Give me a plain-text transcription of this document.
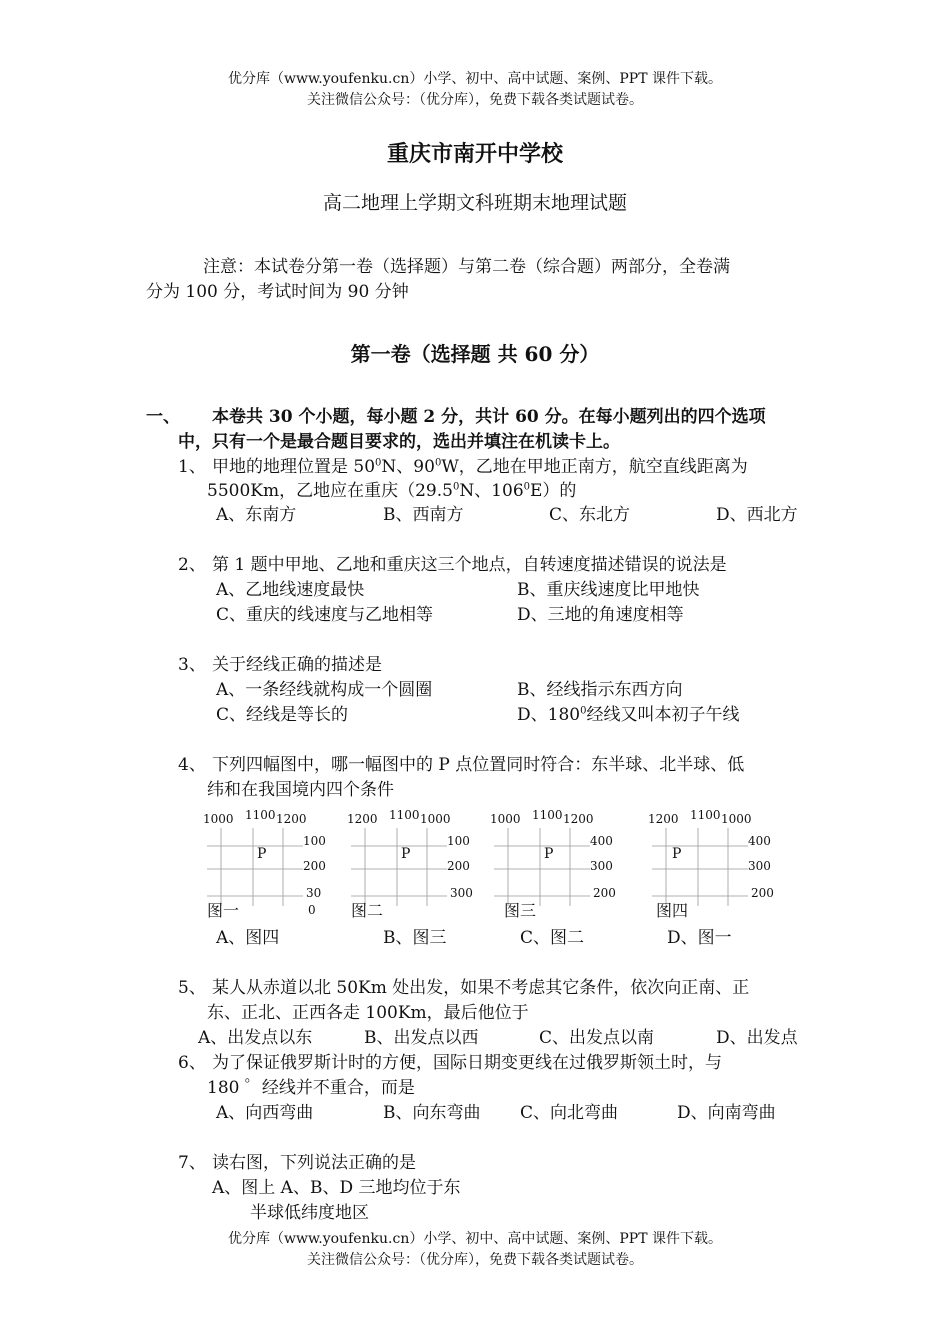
优分库（www.youfenku.cn）小学、初中、高中试题、案例、PPT 课件下载。
关注微信公众号：（优分库），免费下载各类试题试卷。
重庆市南开中学校
高二地理上学期文科班期末地理试题
注意：本试卷分第一卷（选择题）与第二卷（综合题）两部分，全卷满
分为 100 分，考试时间为 90 分钟
第一卷（选择题 共 60 分）
一、 本卷共 30 个小题，每小题 2 分，共计 60 分。在每小题列出的四个选项
中，只有一个是最合题目要求的，选出并填注在机读卡上。
1、 甲地的地理位置是 $50^0N$、$90^0W$，乙地在甲地正南方，航空直线距离为
5500Km，乙地应在重庆（29.5$^0$N、$106^0E$）的
A、东南方	B、西南方	C、东北方	D、西北方
2、 第 1 题中甲地、乙地和重庆这三个地点，自转速度描述错误的说法是
A、乙地线速度最快	B、重庆线速度比甲地快
C、重庆的线速度与乙地相等	D、三地的角速度相等
3、 关于经线正确的描述是
A、一条经线就构成一个圆圈	B、经线指示东西方向
C、经线是等长的	D、$180^0$经线又叫本初子午线
4、 下列四幅图中，哪一幅图中的 P 点位置同时符合：东半球、北半球、低
纬和在我国境内四个条件
1000 1100 1200
100
200
30
0
P
图一
1200 1100 1000
100
200
300
P
图二
1000 1100 1200
400
300
200
P
图三
1200 1100 1000
400
300
200
P
图四
A、图四	B、图三	C、图二	D、图一
5、 某人从赤道以北 50Km 处出发，如果不考虑其它条件，依次向正南、正
东、正北、正西各走 100Km，最后他位于
A、出发点以东	B、出发点以西	C、出发点以南	D、出发点
6、 为了保证俄罗斯计时的方便，国际日期变更线在过俄罗斯领土时，与
180 ゜经线并不重合，而是
A、向西弯曲	B、向东弯曲 C、向北弯曲	D、向南弯曲
7、 读右图，下列说法正确的是
A、图上 A、B、D 三地均位于东
半球低纬度地区
优分库（www.youfenku.cn）小学、初中、高中试题、案例、PPT 课件下载。
关注微信公众号：（优分库），免费下载各类试题试卷。
